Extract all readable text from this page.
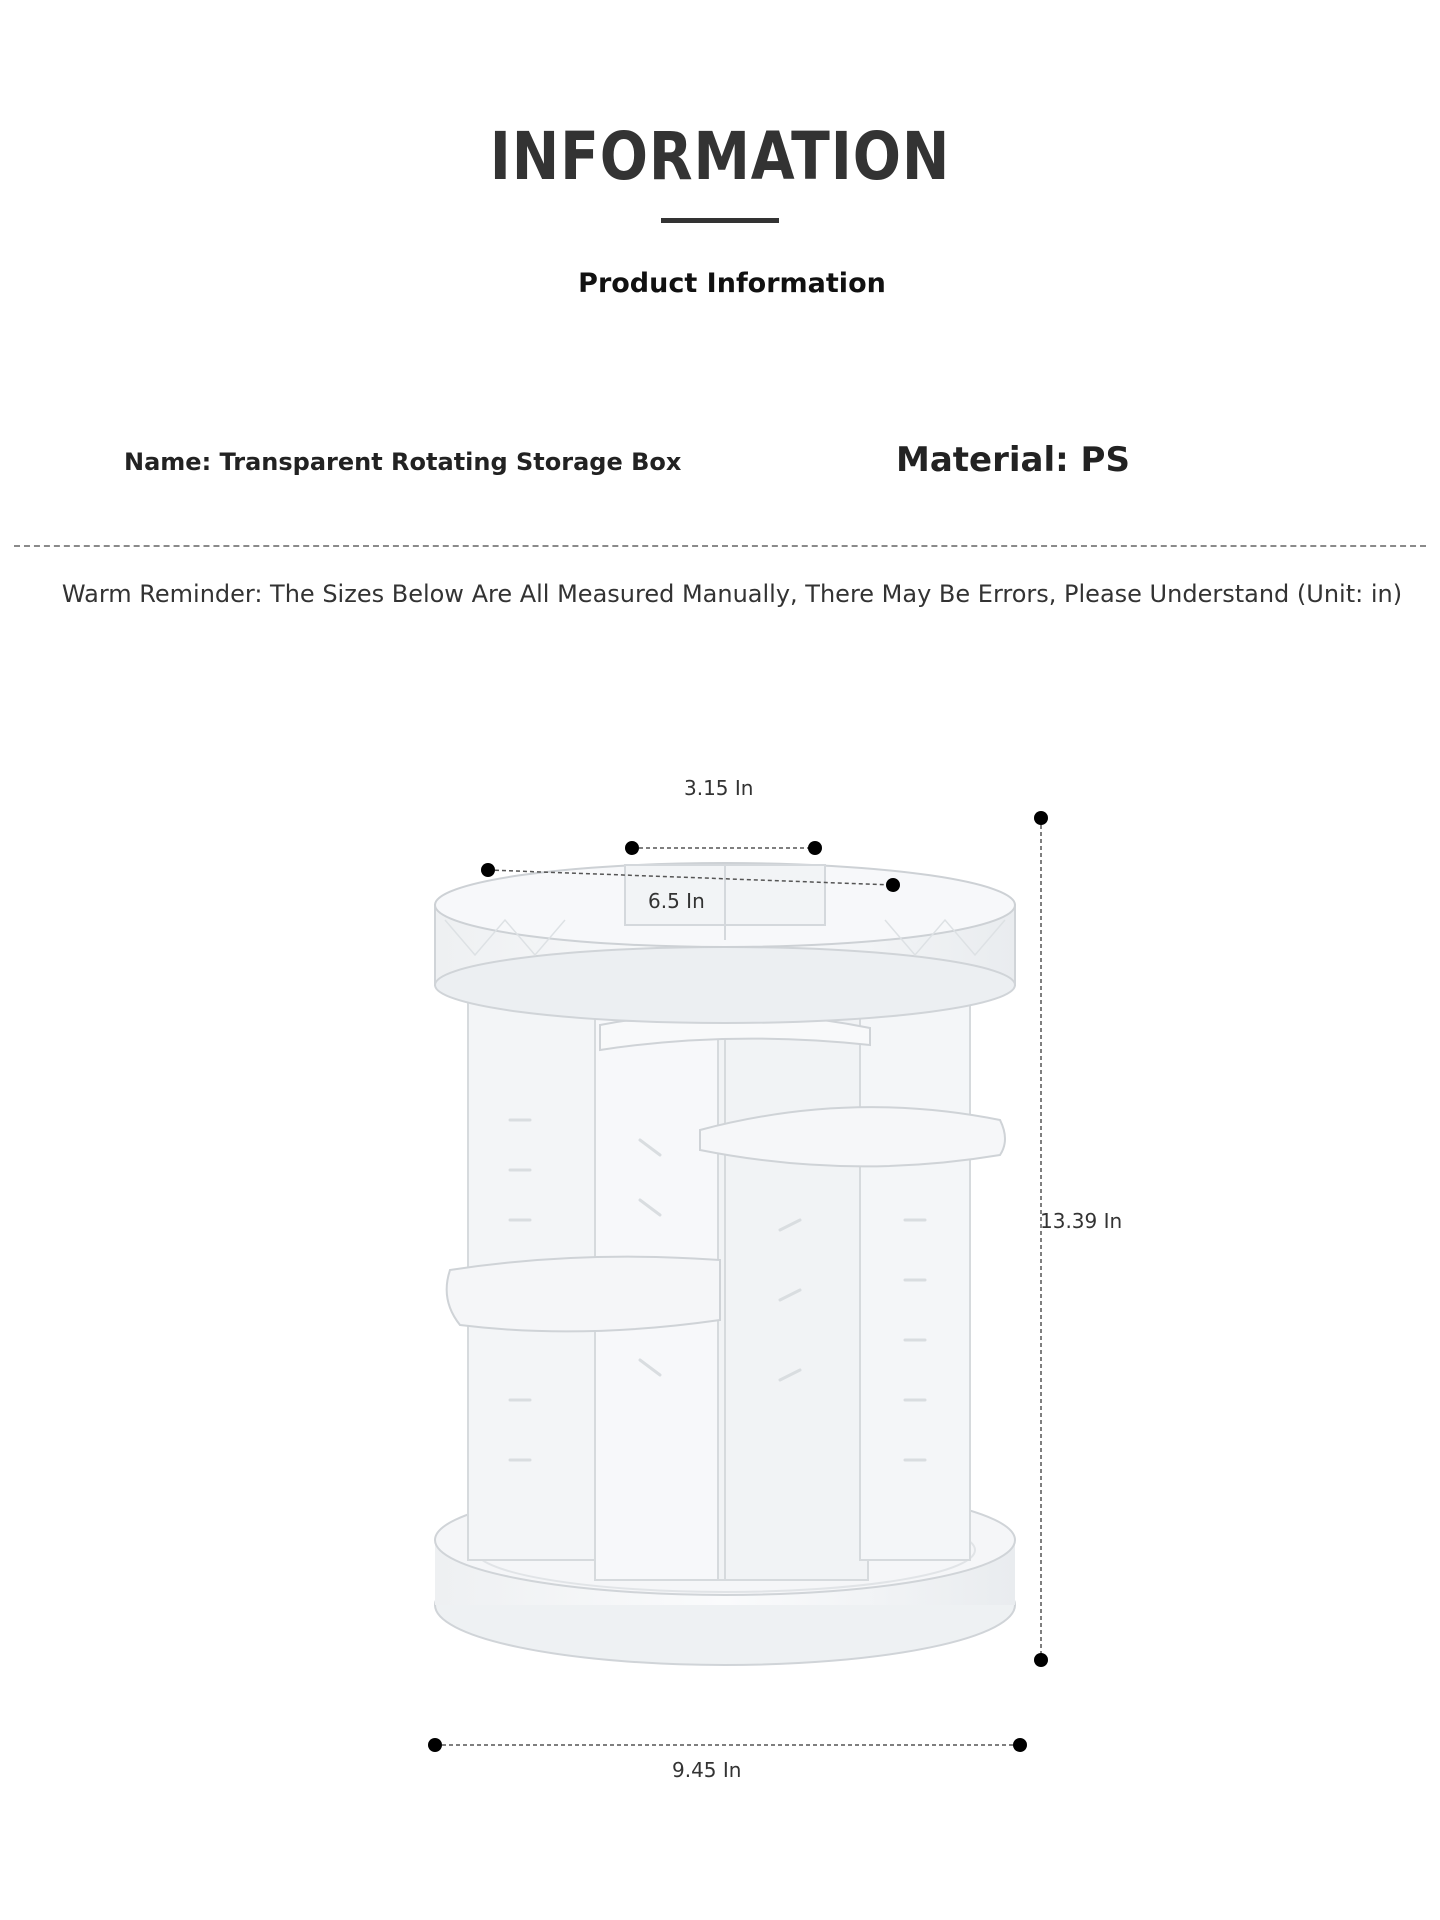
INFORMATION
Product Information
Name: Transparent Rotating Storage Box	Material: PS
Warm Reminder: The Sizes Below Are All Measured Manually, There May Be Errors, Please Understand (Unit: in)
3.15 In
6.5 In
13.39 In
9.45 In
